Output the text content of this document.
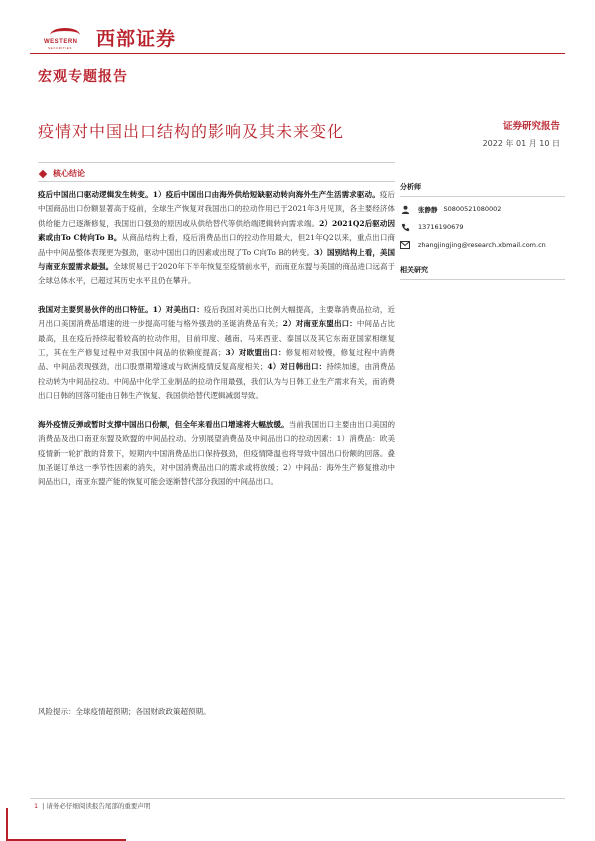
WESTERN
SECURITIES 西部证券
宏观专题报告
疫情对中国出口结构的影响及其未来变化	证券研究报告
2022 年 01 月 10 日
核心结论

疫后中国出口驱动逻辑发生转变。1）疫后中国出口由海外供给短缺驱动转向海外生产生活需求驱动。疫后中国商品出口份额显著高于疫前，全球生产恢复对我国出口的拉动作用已于2021年3月见顶，各主要经济体供给能力已逐渐修复，我国出口强劲的原因或从供给替代等供给端逻辑转向需求端。2）2021Q2后驱动因素或由To C转向To B。从商品结构上看，疫后消费品出口的拉动作用最大，但21年Q2以来，重点出口商品中中间品整体表现更为强劲，驱动中国出口的因素或出现了To C向To B的转变。3）国别结构上看，美国与南亚东盟需求最强。全球贸易已于2020年下半年恢复至疫情前水平，而南亚东盟与美国的商品进口远高于全球总体水平，已超过其历史水平且仍在攀升。

我国对主要贸易伙伴的出口特征。1）对美出口：疫后我国对美出口比例大幅提高，主要靠消费品拉动，近月出口美国消费品增速的进一步提高可能与格外强劲的圣诞消费品有关；2）对南亚东盟出口：中间品占比最高，且在疫后持续起着较高的拉动作用，目前印度、越南、马来西亚、泰国以及其它东南亚国家相继复工，其在生产修复过程中对我国中间品的依赖度提高；3）对欧盟出口：修复相对较慢，修复过程中消费品、中间品表现强劲，出口股票期增速或与欧洲疫情反复高度相关；4）对日韩出口：持续加速，由消费品拉动转为中间品拉动。中间品中化学工业制品的拉动作用最强，我们认为与日韩工业生产需求有关，而消费出口日韩的回落可能由日韩生产恢复、我国供给替代逻辑减弱导致。

海外疫情反弹或暂时支撑中国出口份额，但全年来看出口增速将大幅放缓。当前我国出口主要由出口美国的消费品及出口南亚东盟及欧盟的中间品拉动。分别展望消费品及中间品出口的拉动因素：1）消费品：欧美疫情新一轮扩散的背景下，短期内中国消费品出口保持强劲，但疫情降温也将导致中国出口份额的回落。叠加圣诞订单这一季节性因素的消失，对中国消费品出口的需求或将放缓；2）中间品：海外生产修复推动中间品出口，南亚东盟产能的恢复可能会逐渐替代部分我国的中间品出口。

风险提示：全球疫情超预期；各国财政政策超预期。
分析师
张静静 S0800521080002
13716190679
zhangjingjing@research.xbmail.com.cn
相关研究
1 | 请务必仔细阅读报告尾部的重要声明
